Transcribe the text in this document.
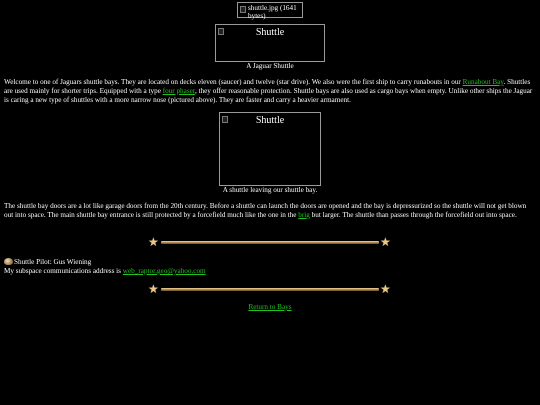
shuttle.jpg (1641 bytes)
Shuttle
A Jaguar Shuttle
Welcome to one of Jaguars shuttle bays. They are located on decks eleven (saucer) and twelve (star drive). We also were the first ship to carry runabouts in our Runabout Bay. Shuttles are used mainly for shorter trips. Equipped with a type four phaser, they offer reasonable protection. Shuttle bays are also used as cargo bays when empty. Unlike other ships the Jaguar is caring a new type of shuttles with a more narrow nose (pictured above). They are faster and carry a heavier armament.
Shuttle
A shuttle leaving our shuttle bay.
The shuttle bay doors are a lot like garage doors from the 20th century. Before a shuttle can launch the doors are opened and the bay is depressurized so the shuttle will not get blown out into space. The main shuttle bay entrance is still protected by a forcefield much like the one in the brig but larger. The shuttle than passes through the forcefield out into space.
★	★
Shuttle Pilot: Gus Wiening
My subspace communications address is web_raptor.geo@yahoo.com
★	★
Return to Bays
